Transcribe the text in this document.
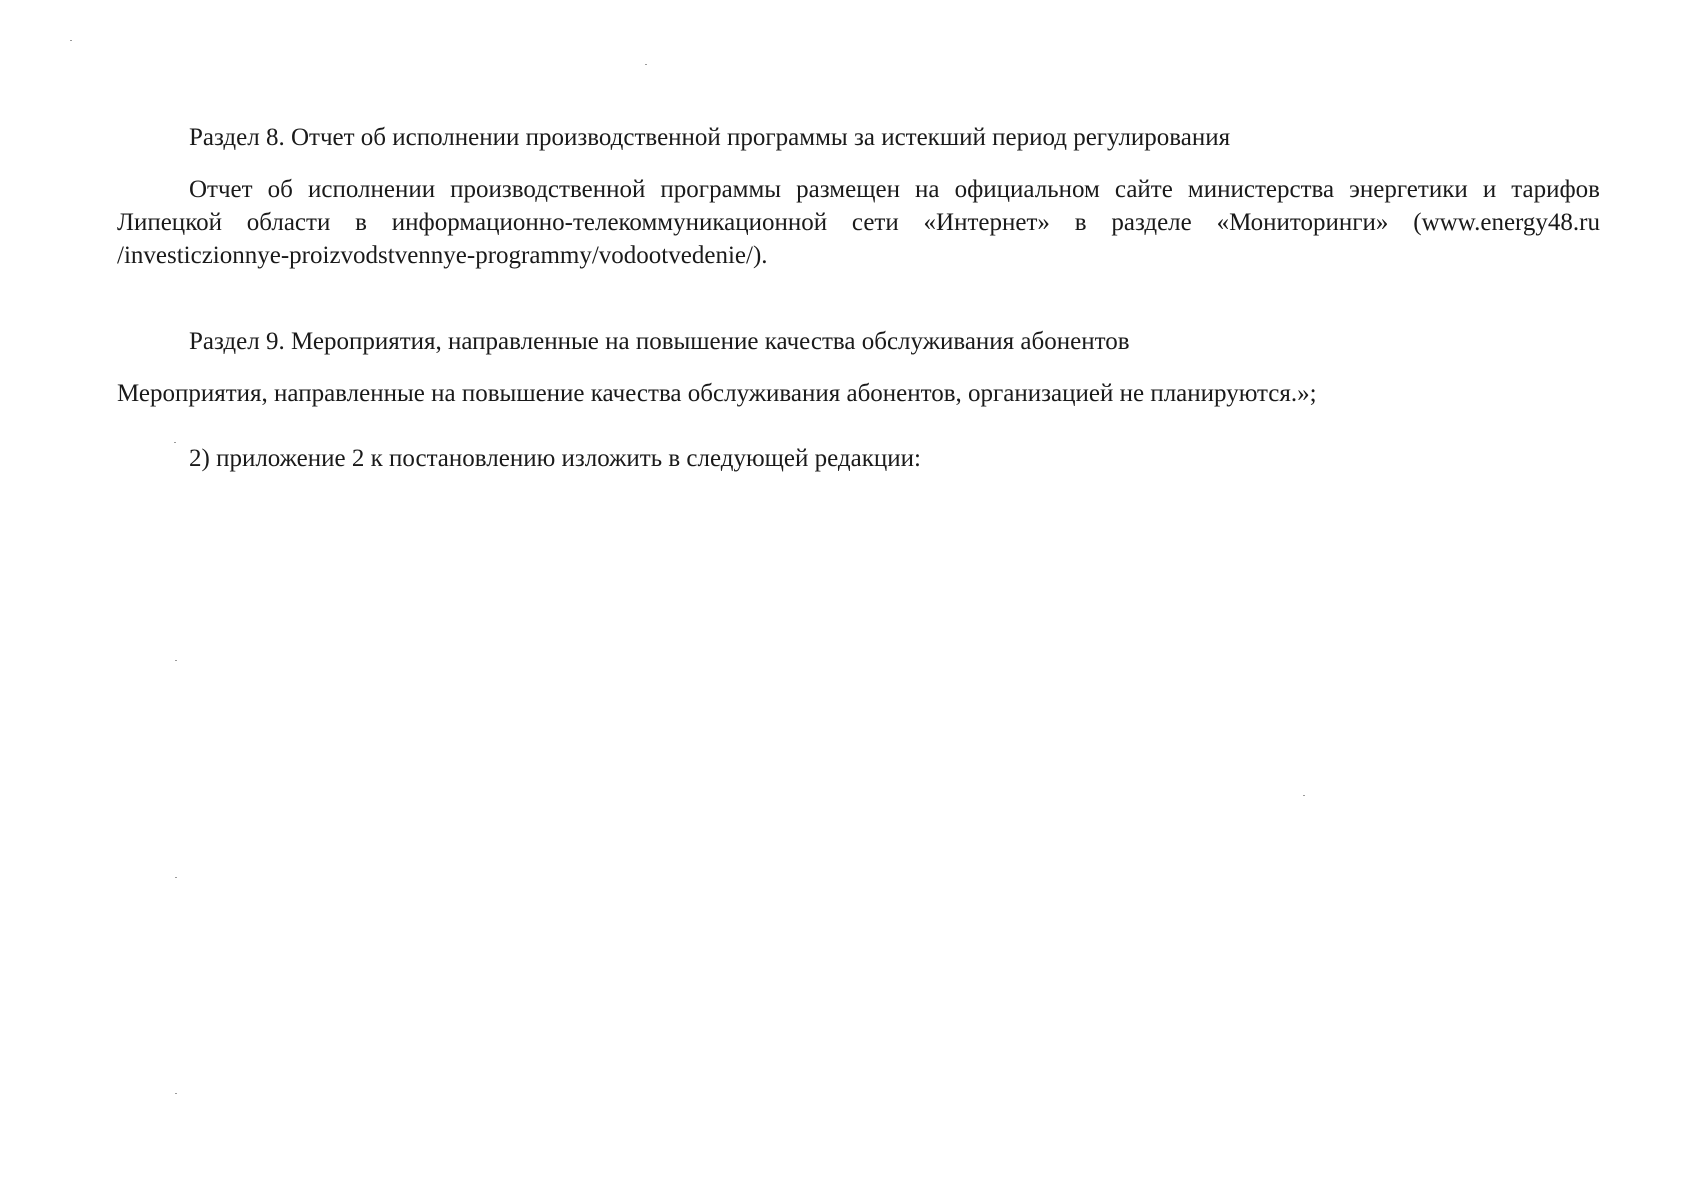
Раздел 8. Отчет об исполнении производственной программы за истекший период регулирования
Отчет об исполнении производственной программы размещен на официальном сайте министерства энергетики и тарифов Липецкой области в информационно-телекоммуникационной сети «Интернет» в разделе «Мониторинги» (www.energy48.ru /investiczionnye-proizvodstvennye-programmy/vodootvedenie/).
Раздел 9. Мероприятия, направленные на повышение качества обслуживания абонентов
Мероприятия, направленные на повышение качества обслуживания абонентов, организацией не планируются.»;
2) приложение 2 к постановлению изложить в следующей редакции:
